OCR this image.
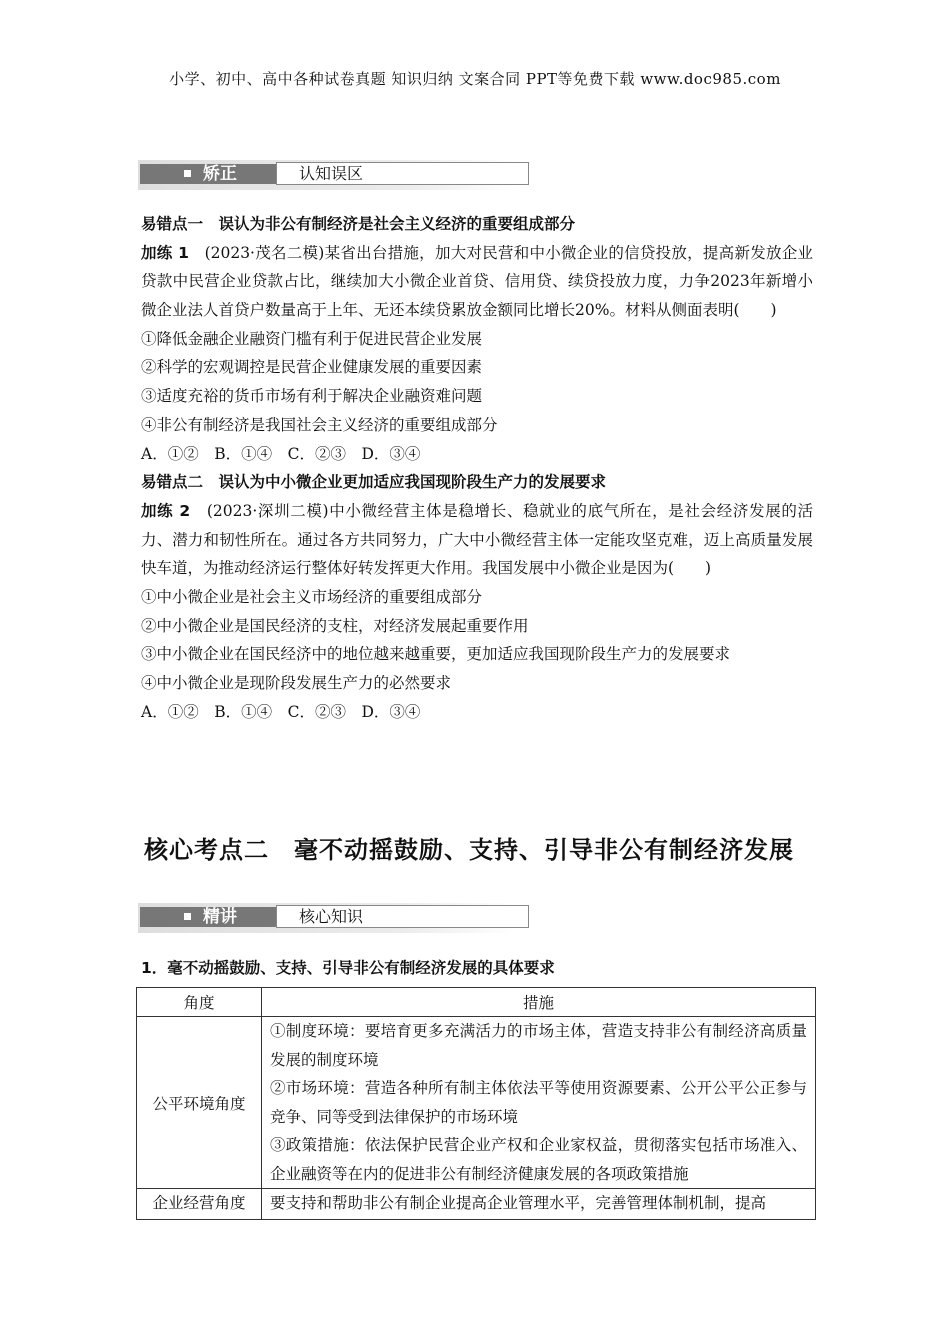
小学、初中、高中各种试卷真题 知识归纳 文案合同 PPT等免费下载 www.doc985.com
矫正	认知误区
易错点一　误认为非公有制经济是社会主义经济的重要组成部分
加练 1 (2023·茂名二模)某省出台措施，加大对民营和中小微企业的信贷投放，提高新发放企业贷款中民营企业贷款占比，继续加大小微企业首贷、信用贷、续贷投放力度，力争2023年新增小微企业法人首贷户数量高于上年、无还本续贷累放金额同比增长20%。材料从侧面表明(　　)
①降低金融企业融资门槛有利于促进民营企业发展
②科学的宏观调控是民营企业健康发展的重要因素
③适度充裕的货币市场有利于解决企业融资难问题
④非公有制经济是我国社会主义经济的重要组成部分
A．①②　B．①④　C．②③　D．③④
易错点二　误认为中小微企业更加适应我国现阶段生产力的发展要求
加练 2 (2023·深圳二模)中小微经营主体是稳增长、稳就业的底气所在，是社会经济发展的活力、潜力和韧性所在。通过各方共同努力，广大中小微经营主体一定能攻坚克难，迈上高质量发展快车道，为推动经济运行整体好转发挥更大作用。我国发展中小微企业是因为(　　)
①中小微企业是社会主义市场经济的重要组成部分
②中小微企业是国民经济的支柱，对经济发展起重要作用
③中小微企业在国民经济中的地位越来越重要，更加适应我国现阶段生产力的发展要求
④中小微企业是现阶段发展生产力的必然要求
A．①②　B．①④　C．②③　D．③④
核心考点二　毫不动摇鼓励、支持、引导非公有制经济发展
精讲	核心知识
1．毫不动摇鼓励、支持、引导非公有制经济发展的具体要求
角度	措施
公平环境角度	①制度环境：要培育更多充满活力的市场主体，营造支持非公有制经济高质量发展的制度环境
②市场环境：营造各种所有制主体依法平等使用资源要素、公开公平公正参与竞争、同等受到法律保护的市场环境
③政策措施：依法保护民营企业产权和企业家权益，贯彻落实包括市场准入、企业融资等在内的促进非公有制经济健康发展的各项政策措施

企业经营角度	要支持和帮助非公有制企业提高企业管理水平，完善管理体制机制，提高
